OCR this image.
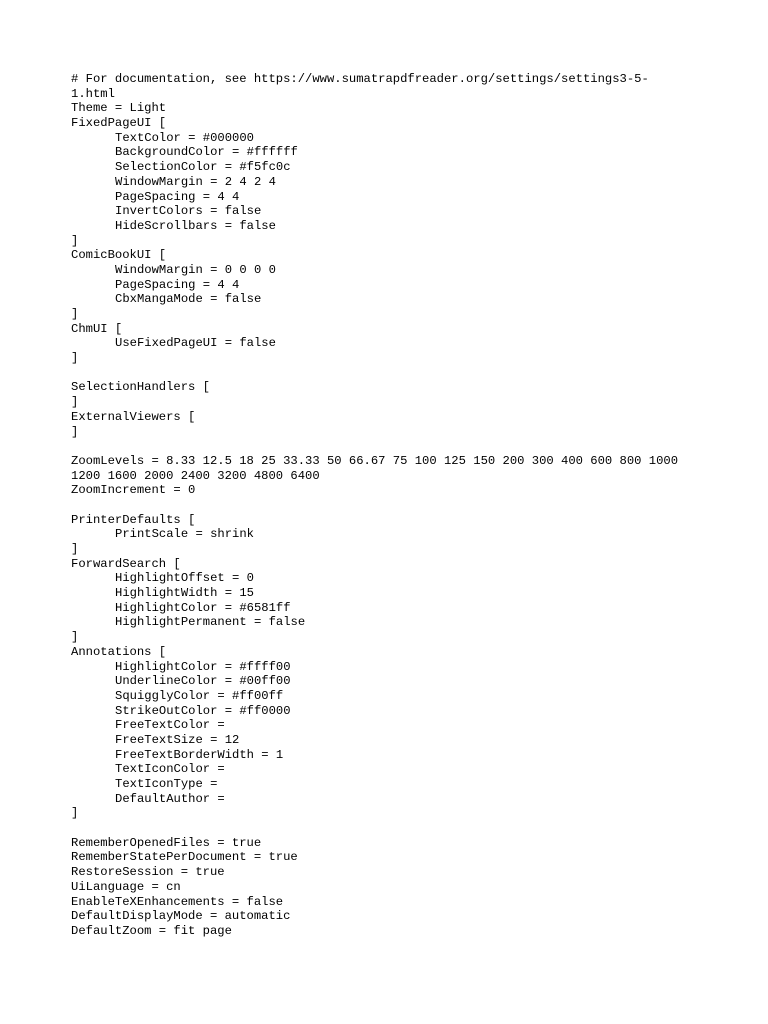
# For documentation, see https://www.sumatrapdfreader.org/settings/settings3-5-
1.html
Theme = Light
FixedPageUI [
TextColor = #000000
BackgroundColor = #ffffff
SelectionColor = #f5fc0c
WindowMargin = 2 4 2 4
PageSpacing = 4 4
InvertColors = false
HideScrollbars = false
]
ComicBookUI [
WindowMargin = 0 0 0 0
PageSpacing = 4 4
CbxMangaMode = false
]
ChmUI [
UseFixedPageUI = false
]
SelectionHandlers [
]
ExternalViewers [
]
ZoomLevels = 8.33 12.5 18 25 33.33 50 66.67 75 100 125 150 200 300 400 600 800 1000
1200 1600 2000 2400 3200 4800 6400
ZoomIncrement = 0
PrinterDefaults [
PrintScale = shrink
]
ForwardSearch [
HighlightOffset = 0
HighlightWidth = 15
HighlightColor = #6581ff
HighlightPermanent = false
]
Annotations [
HighlightColor = #ffff00
UnderlineColor = #00ff00
SquigglyColor = #ff00ff
StrikeOutColor = #ff0000
FreeTextColor =
FreeTextSize = 12
FreeTextBorderWidth = 1
TextIconColor =
TextIconType =
DefaultAuthor =
]
RememberOpenedFiles = true
RememberStatePerDocument = true
RestoreSession = true
UiLanguage = cn
EnableTeXEnhancements = false
DefaultDisplayMode = automatic
DefaultZoom = fit page
